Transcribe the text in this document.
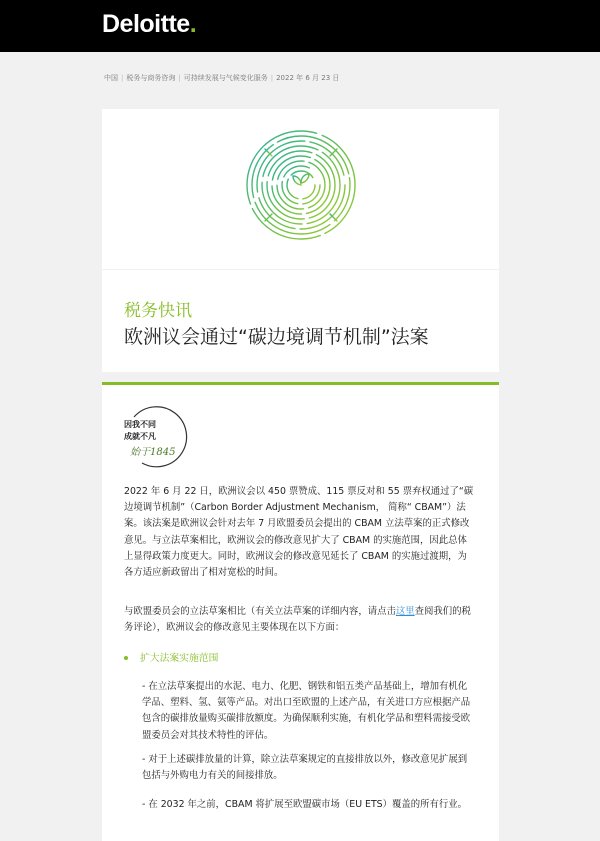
Deloitte.
中国 | 税务与商务咨询 | 可持续发展与气候变化服务 | 2022 年 6 月 23 日
税务快讯
欧洲议会通过“碳边境调节机制”法案
因我不同
成就不凡
始于1845
2022 年 6 月 22 日，欧洲议会以 450 票赞成、115 票反对和 55 票弃权通过了“碳边境调节机制”（Carbon Border Adjustment Mechanism， 简称“ CBAM”）法案。该法案是欧洲议会针对去年 7 月欧盟委员会提出的 CBAM 立法草案的正式修改意见。与立法草案相比，欧洲议会的修改意见扩大了 CBAM 的实施范围，因此总体上显得政策力度更大。同时，欧洲议会的修改意见延长了 CBAM 的实施过渡期，为各方适应新政留出了相对宽松的时间。
与欧盟委员会的立法草案相比（有关立法草案的详细内容，请点击这里查阅我们的税务评论），欧洲议会的修改意见主要体现在以下方面：
扩大法案实施范围
- 在立法草案提出的水泥、电力、化肥、钢铁和铝五类产品基础上，增加有机化学品、塑料、氢、氨等产品。对出口至欧盟的上述产品，有关进口方应根据产品包含的碳排放量购买碳排放额度。为确保顺利实施，有机化学品和塑料需接受欧盟委员会对其技术特性的评估。
- 对于上述碳排放量的计算，除立法草案规定的直接排放以外，修改意见扩展到包括与外购电力有关的间接排放。
- 在 2032 年之前，CBAM 将扩展至欧盟碳市场（EU ETS）覆盖的所有行业。
